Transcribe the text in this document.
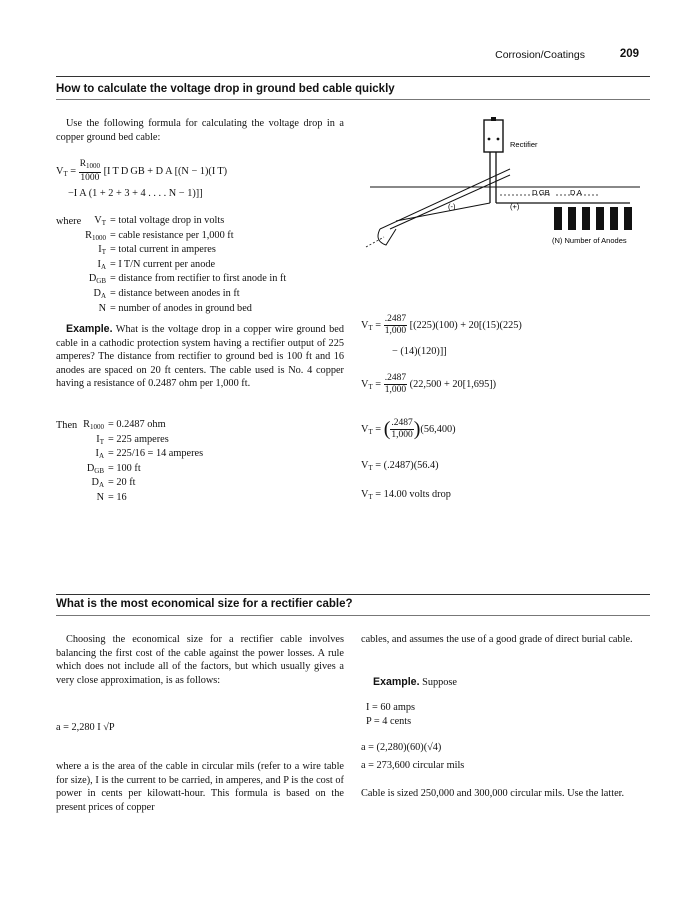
Corrosion/Coatings	209
How to calculate the voltage drop in ground bed cable quickly
Use the following formula for calculating the voltage drop in a copper ground bed cable:
$V_T = \frac{R_{1000}}{1000} [I$ T D GB + D A [(N − 1)(I T)
−I A (1 + 2 + 3 + 4 . . . . N − 1)]]
where	$V_T$ = total voltage drop in volts
$R_{1000}$ = cable resistance per 1,000 ft
$I_T$ = total current in amperes
$I_A = I$ T/N current per anode
$D_{GB}$ = distance from rectifier to first anode in ft
$D_A$ = distance between anodes in ft
N = number of anodes in ground bed
Example. What is the voltage drop in a copper wire ground bed cable in a cathodic protection system having a rectifier output of 225 amperes? The distance from rectifier to ground bed is 100 ft and 16 anodes are spaced on 20 ft centers. The cable used is No. 4 copper having a resistance of 0.2487 ohm per 1,000 ft.
Then $R_{1000} = 0.2487$ ohm
$I_T = 225$ amperes
$I_A = 225/16 = 14$ amperes
$D_{GB} = 100$ ft
$D_A = 20$ ft
N = 16
$V_T = \frac{.2487}{1,000} [(225)(100) + 20[(15)(225)$
− (14)(120)]]
$V_T = \frac{.2487}{1,000} (22,500 + 20[1,695])$
$V_T$ = ( $\frac{.2487}{1,000} )(56,400)$
$V_T = (.2487)(56.4)$
$V_T = 14.00$ volts drop
Rectifier
(-)	(+)
D GB	D A
(N) Number of Anodes
What is the most economical size for a rectifier cable?
Choosing the economical size for a rectifier cable involves balancing the first cost of the cable against the power losses. A rule which does not include all of the factors, but which usually gives a very close approximation, is as follows:
a = 2,280 I √P
where a is the area of the cable in circular mils (refer to a wire table for size), I is the current to be carried, in amperes, and P is the cost of power in cents per kilowatt-hour. This formula is based on the present prices of copper
cables, and assumes the use of a good grade of direct burial cable.
Example. Suppose
I = 60 amps
P = 4 cents
a = (2,280)(60)(√4)
a = 273,600 circular mils
Cable is sized 250,000 and 300,000 circular mils. Use the latter.
